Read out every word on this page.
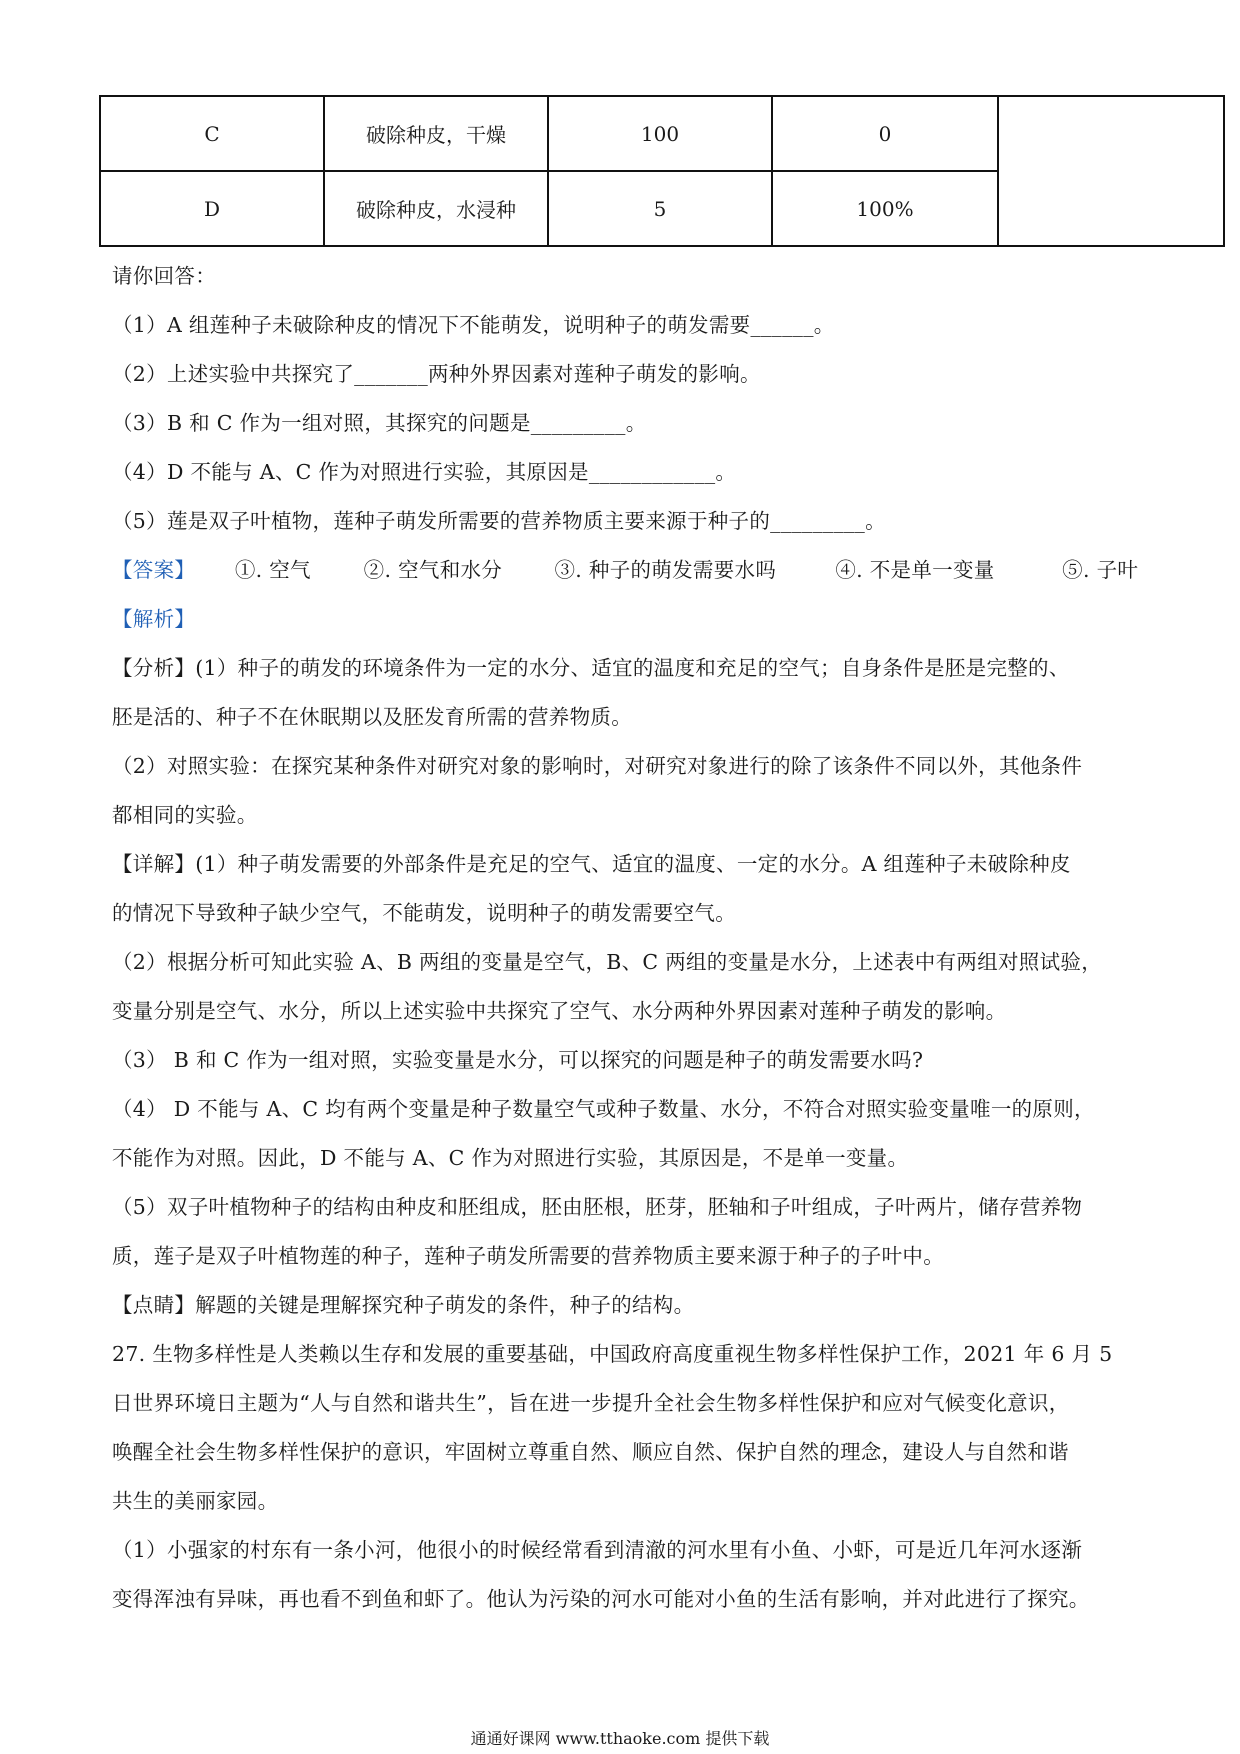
C	破除种皮，干燥	100	0	
D	破除种皮，水浸种	5	100%	
请你回答：
（1）A 组莲种子未破除种皮的情况下不能萌发，说明种子的萌发需要______。
（2）上述实验中共探究了_______两种外界因素对莲种子萌发的影响。
（3）B 和 C 作为一组对照，其探究的问题是_________。
（4）D 不能与 A、C 作为对照进行实验，其原因是____________。
（5）莲是双子叶植物，莲种子萌发所需要的营养物质主要来源于种子的_________。
【答案】 ①. 空气	②. 空气和水分	③. 种子的萌发需要水吗	④. 不是单一变量	⑤. 子叶
【解析】
【分析】(1）种子的萌发的环境条件为一定的水分、适宜的温度和充足的空气；自身条件是胚是完整的、
胚是活的、种子不在休眠期以及胚发育所需的营养物质。
（2）对照实验：在探究某种条件对研究对象的影响时，对研究对象进行的除了该条件不同以外，其他条件
都相同的实验。
【详解】(1）种子萌发需要的外部条件是充足的空气、适宜的温度、一定的水分。A 组莲种子未破除种皮
的情况下导致种子缺少空气，不能萌发，说明种子的萌发需要空气。
（2）根据分析可知此实验 A、B 两组的变量是空气，B、C 两组的变量是水分，上述表中有两组对照试验，
变量分别是空气、水分，所以上述实验中共探究了空气、水分两种外界因素对莲种子萌发的影响。
（3） B 和 C 作为一组对照，实验变量是水分，可以探究的问题是种子的萌发需要水吗?
（4） D 不能与 A、C 均有两个变量是种子数量空气或种子数量、水分，不符合对照实验变量唯一的原则，
不能作为对照。因此，D 不能与 A、C 作为对照进行实验，其原因是，不是单一变量。
（5）双子叶植物种子的结构由种皮和胚组成，胚由胚根，胚芽，胚轴和子叶组成，子叶两片，储存营养物
质，莲子是双子叶植物莲的种子，莲种子萌发所需要的营养物质主要来源于种子的子叶中。
【点睛】解题的关键是理解探究种子萌发的条件，种子的结构。
27. 生物多样性是人类赖以生存和发展的重要基础，中国政府高度重视生物多样性保护工作，2021 年 6 月 5
日世界环境日主题为“人与自然和谐共生”，旨在进一步提升全社会生物多样性保护和应对气候变化意识，
唤醒全社会生物多样性保护的意识，牢固树立尊重自然、顺应自然、保护自然的理念，建设人与自然和谐
共生的美丽家园。
（1）小强家的村东有一条小河，他很小的时候经常看到清澈的河水里有小鱼、小虾，可是近几年河水逐渐
变得浑浊有异味，再也看不到鱼和虾了。他认为污染的河水可能对小鱼的生活有影响，并对此进行了探究。
通通好课网 www.tthaoke.com 提供下载
